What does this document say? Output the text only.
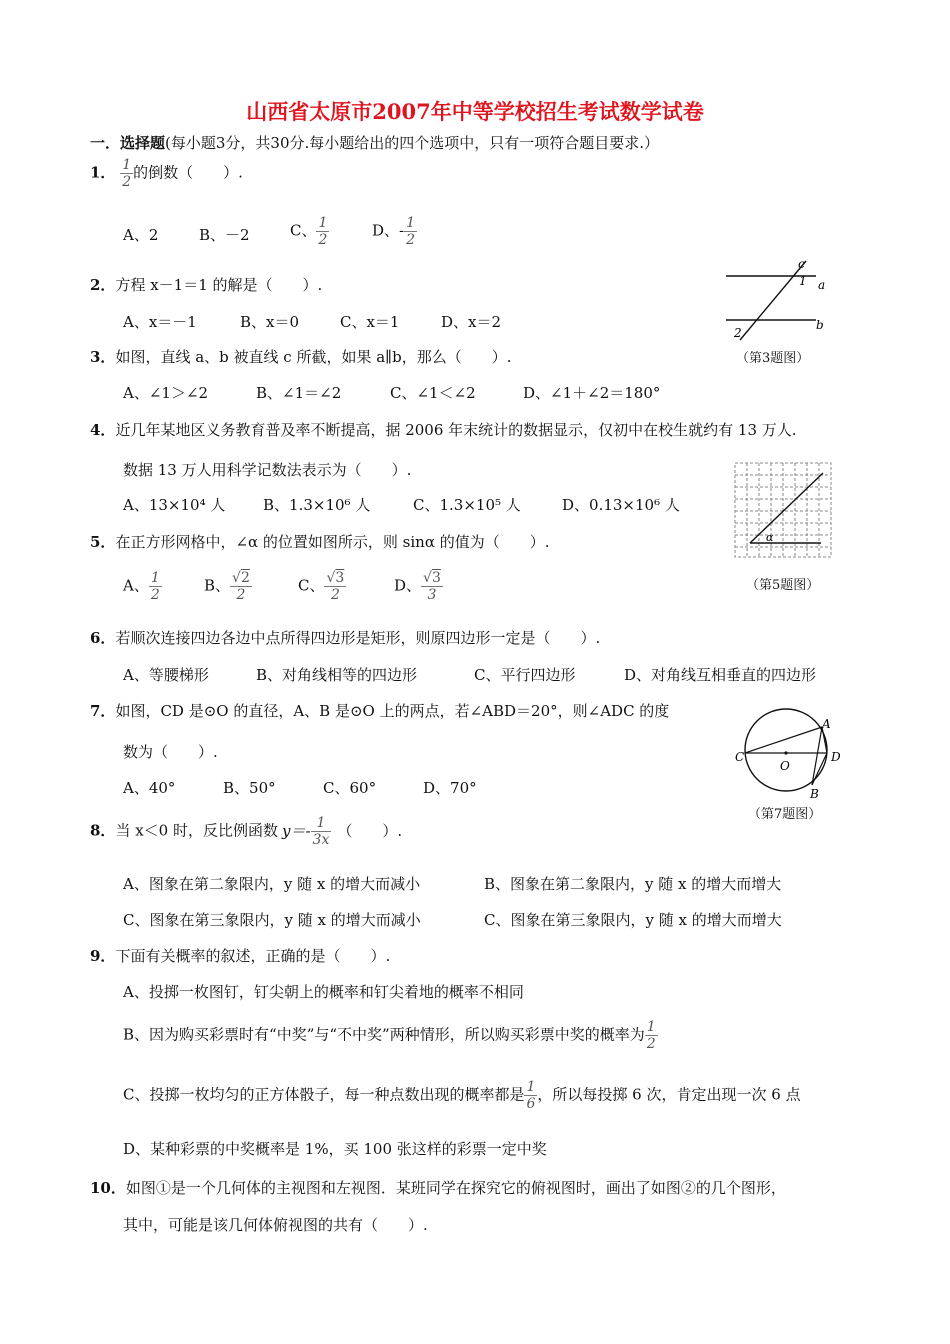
山西省太原市2007年中等学校招生考试数学试卷
一．选择题(每小题3分，共30分.每小题给出的四个选项中，只有一项符合题目要求.）
1． $\frac{1}{2}$ 的倒数（　　）.
A、2	B、－2	C、 $\frac{1}{2}$	D、- $\frac{1}{2}$
2．方程 x－1＝1 的解是（　　）.
A、x＝－1	B、x＝0	C、x＝1	D、x＝2
c
1 a
2
b
（第3题图）
3．如图，直线 a、b 被直线 c 所截，如果 a∥b，那么（　　）.
A、∠1＞∠2	B、∠1＝∠2	C、∠1＜∠2	D、∠1＋∠2＝180°
4．近几年某地区义务教育普及率不断提高，据 2006 年末统计的数据显示，仅初中在校生就约有 13 万人.
数据 13 万人用科学记数法表示为（　　）.
A、13×10⁴ 人	B、1.3×10⁶ 人	C、1.3×10⁵ 人	D、0.13×10⁶ 人
α
（第5题图）
5．在正方形网格中，∠α 的位置如图所示，则 sinα 的值为（　　）.
A、 $\frac{1}{2}$	B、 $\frac{√2}{2}$	C、 $\frac{√3}{2}$	D、 $\frac{√3}{3}$
6．若顺次连接四边各边中点所得四边形是矩形，则原四边形一定是（　　）.
A、等腰梯形	B、对角线相等的四边形	C、平行四边形	D、对角线互相垂直的四边形
A
B
C	D
O
（第7题图）
7．如图，CD 是⊙O 的直径，A、B 是⊙O 上的两点，若∠ABD＝20°，则∠ADC 的度
数为（　　）.
A、40°	B、50°	C、60°	D、70°
8．当 x＜0 时，反比例函数 $y=- \frac{1}{3x}$ （　　）.
A、图象在第二象限内，y 随 x 的增大而减小	B、图象在第二象限内，y 随 x 的增大而增大
C、图象在第三象限内，y 随 x 的增大而减小	C、图象在第三象限内，y 随 x 的增大而增大
9．下面有关概率的叙述，正确的是（　　）.
A、投掷一枚图钉，钉尖朝上的概率和钉尖着地的概率不相同
B、因为购买彩票时有“中奖”与“不中奖”两种情形，所以购买彩票中奖的概率为 $\frac{1}{2}$
C、投掷一枚均匀的正方体骰子，每一种点数出现的概率都是 $\frac{1}{6}$ ，所以每投掷 6 次，肯定出现一次 6 点
D、某种彩票的中奖概率是 1%，买 100 张这样的彩票一定中奖
10．如图①是一个几何体的主视图和左视图．某班同学在探究它的俯视图时，画出了如图②的几个图形，
其中，可能是该几何体俯视图的共有（　　）.
